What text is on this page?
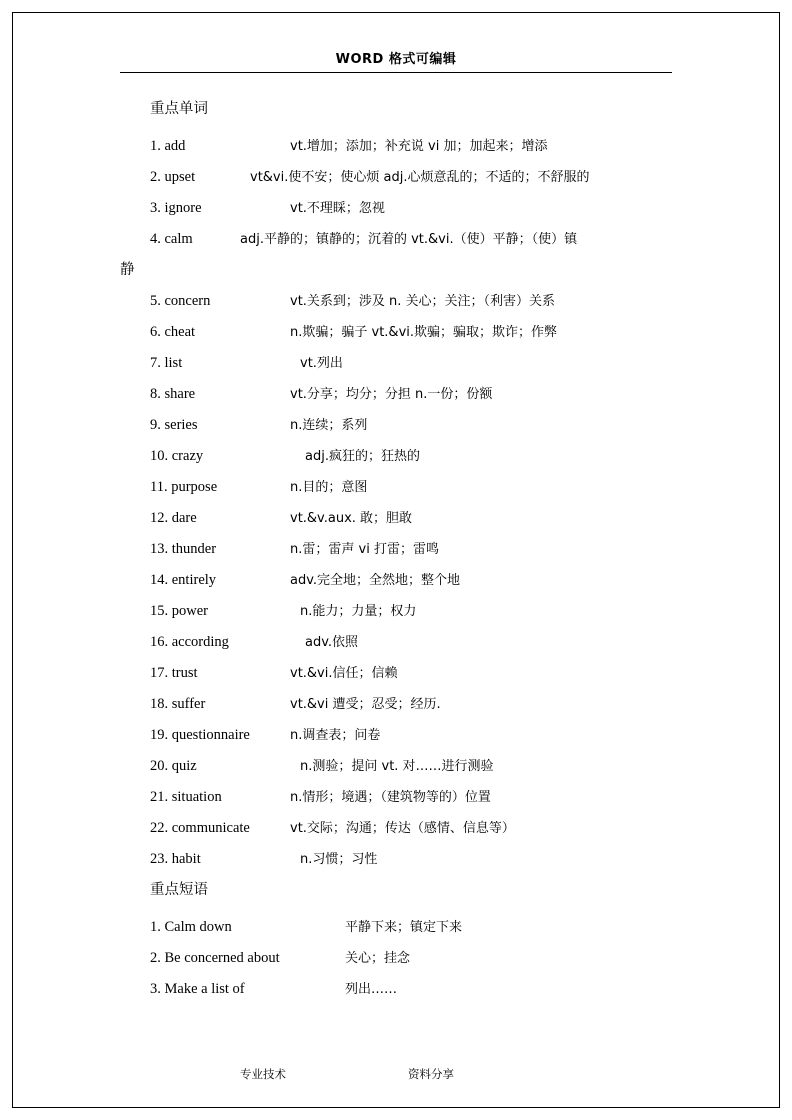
WORD 格式可编辑
重点单词
1. add	vt.增加；添加；补充说 vi 加；加起来；增添
2. upset	vt&vi.使不安；使心烦 adj.心烦意乱的；不适的；不舒服的
3. ignore	vt.不理睬；忽视
4. calm	adj.平静的；镇静的；沉着的 vt.&vi.（使）平静；（使）镇
静
5. concern	vt.关系到；涉及 n. 关心；关注；（利害）关系
6. cheat	n.欺骗；骗子 vt.&vi.欺骗；骗取；欺诈；作弊
7. list	vt.列出
8. share	vt.分享；均分；分担 n.一份；份额
9. series	n.连续；系列
10. crazy	adj.疯狂的；狂热的
11. purpose	n.目的；意图
12. dare	vt.&v.aux. 敢；胆敢
13. thunder	n.雷；雷声 vi 打雷；雷鸣
14. entirely	adv.完全地；全然地；整个地
15. power	n.能力；力量；权力
16. according	adv.依照
17. trust	vt.&vi.信任；信赖
18. suffer	vt.&vi 遭受；忍受；经历.
19. questionnaire	n.调查表；问卷
20. quiz	n.测验；提问 vt. 对……进行测验
21. situation	n.情形；境遇；（建筑物等的）位置
22. communicate	vt.交际；沟通；传达（感情、信息等）
23. habit	n.习惯；习性
重点短语
1. Calm down	平静下来；镇定下来
2. Be concerned about	关心；挂念
3. Make a list of	列出……
专业技术	资料分享
